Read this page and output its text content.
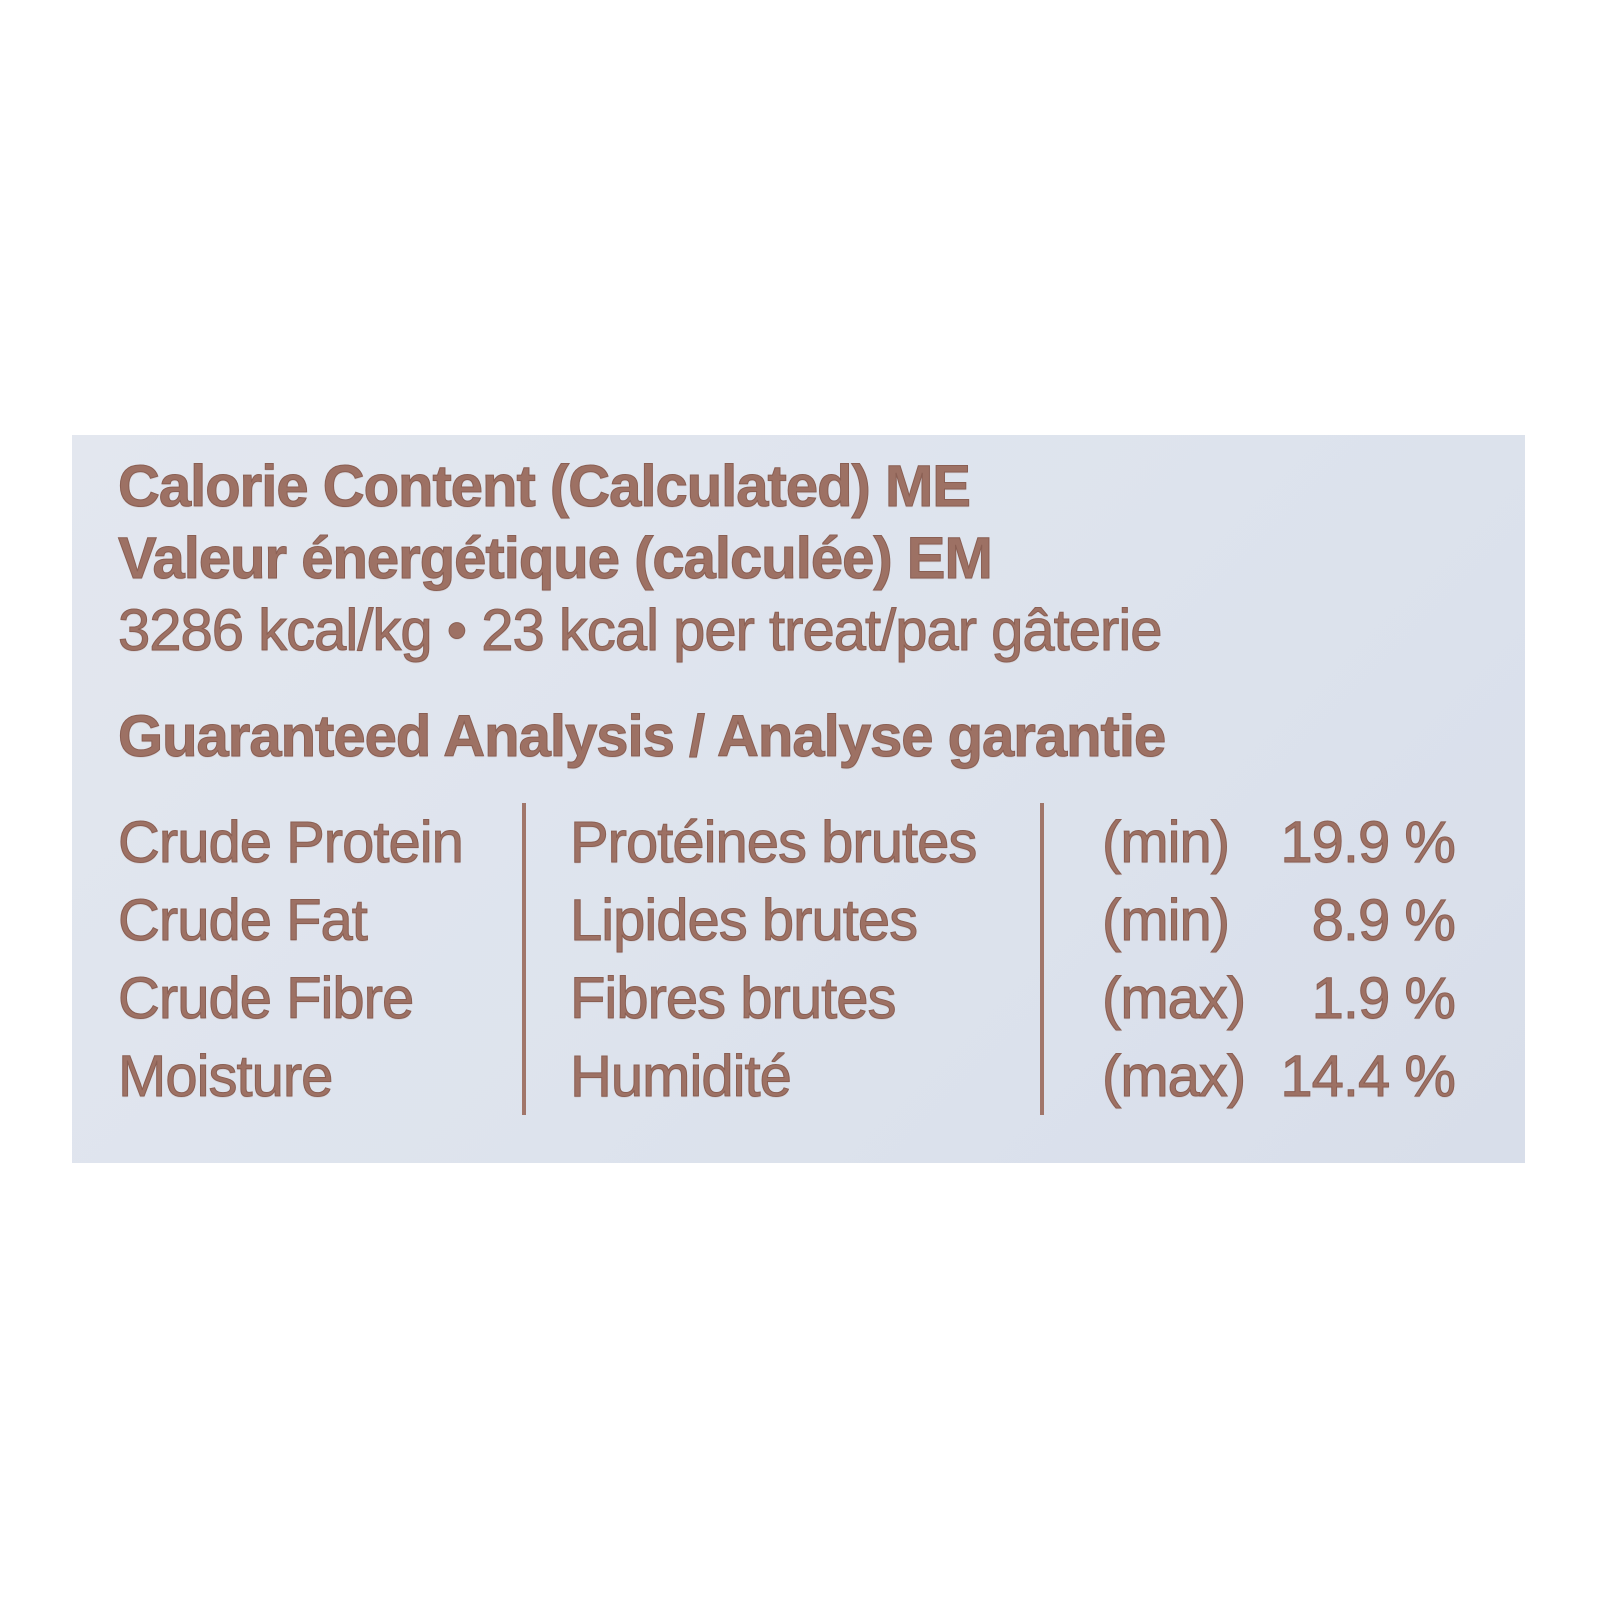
Calorie Content (Calculated) ME
Valeur énergétique (calculée) EM
3286 kcal/kg • 23 kcal per treat/par gâterie
Guaranteed Analysis / Analyse garantie
Crude Protein	Protéines brutes	(min) 19.9 %
Crude Fat	Lipides brutes	(min) 8.9 %
Crude Fibre	Fibres brutes	(max) 1.9 %
Moisture	Humidité	(max) 14.4 %
